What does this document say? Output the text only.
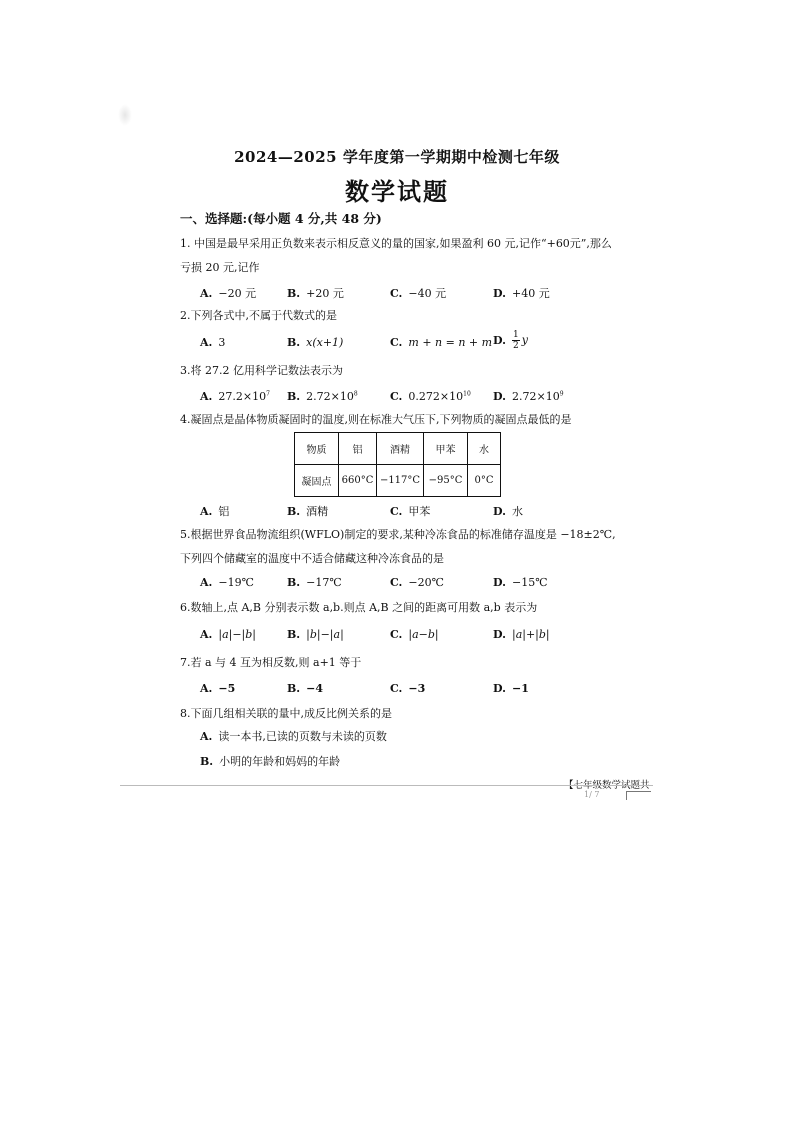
2024—2025 学年度第一学期期中检测七年级
数学试题
一、选择题:(每小题 4 分,共 48 分)
1. 中国是最早采用正负数来表示相反意义的量的国家,如果盈利 60 元,记作“+60元”,那么
亏损 20 元,记作
A. −20 元	B. +20 元	C. −40 元	D. +40 元
2.下列各式中,不属于代数式的是
A. 3	B. x(x+1)	C. m + n = n + m D. $\frac{1}{2}$ y
3.将 27.2 亿用科学记数法表示为
A. $27.2\times 10^7$ B. $2.72\times 10^8$	C. $0.272\times 10^{10}$ D. $2.72\times 10^9$
4.凝固点是晶体物质凝固时的温度,则在标准大气压下,下列物质的凝固点最低的是
物质	铝	酒精	甲苯	水
凝固点	660°C	−117°C	−95°C	0°C
A. 铝	B. 酒精	C. 甲苯	D. 水
5.根据世界食品物流组织(WFLO)制定的要求,某种冷冻食品的标准储存温度是 −18±2℃,
下列四个储藏室的温度中不适合储藏这种冷冻食品的是
A. −19℃	B. −17℃	C. −20℃	D. −15℃
6.数轴上,点 A,B 分别表示数 a,b.则点 A,B 之间的距离可用数 a,b 表示为
A. |a|−|b|	B. |b|−|a|	C. |a−b|	D. |a|+|b|
7.若 a 与 4 互为相反数,则 a+1 等于
A. −5	B. −4	C. −3	D. −1
8.下面几组相关联的量中,成反比例关系的是
A. 读一本书,已读的页数与未读的页数
B. 小明的年龄和妈妈的年龄
1/ 7
